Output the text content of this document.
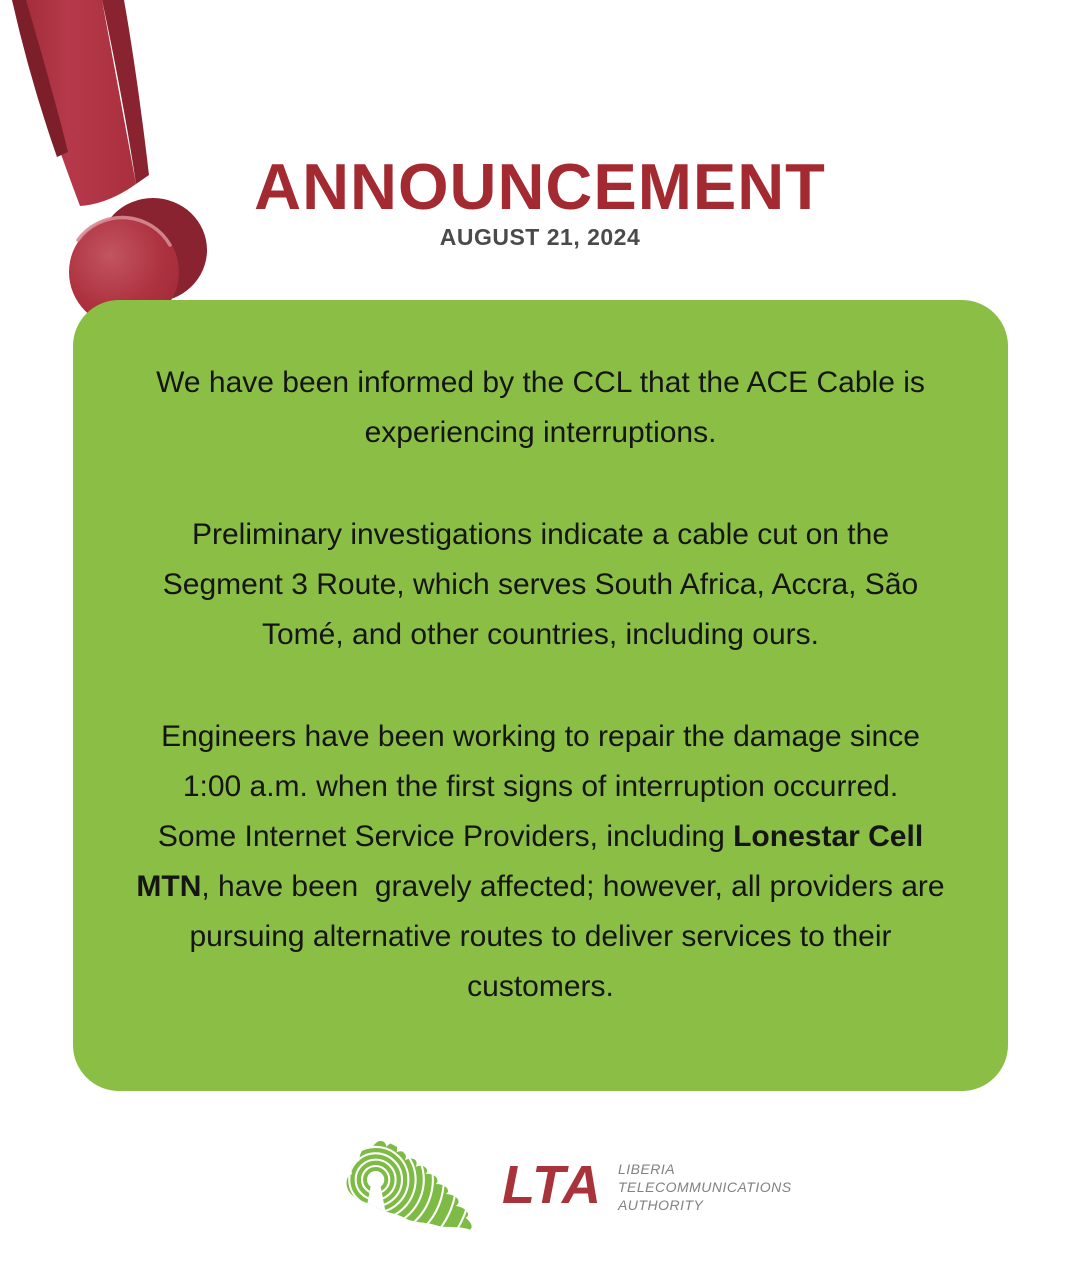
ANNOUNCEMENT
AUGUST 21, 2024
We have been informed by the CCL that the ACE Cable is
experiencing interruptions.
Preliminary investigations indicate a cable cut on the
Segment 3 Route, which serves South Africa, Accra, São
Tomé, and other countries, including ours.
Engineers have been working to repair the damage since
1:00 a.m. when the first signs of interruption occurred.
Some Internet Service Providers, including Lonestar Cell
MTN, have been  gravely affected; however, all providers are
pursuing alternative routes to deliver services to their
customers.
LTA LIBERIA
TELECOMMUNICATIONS
AUTHORITY
